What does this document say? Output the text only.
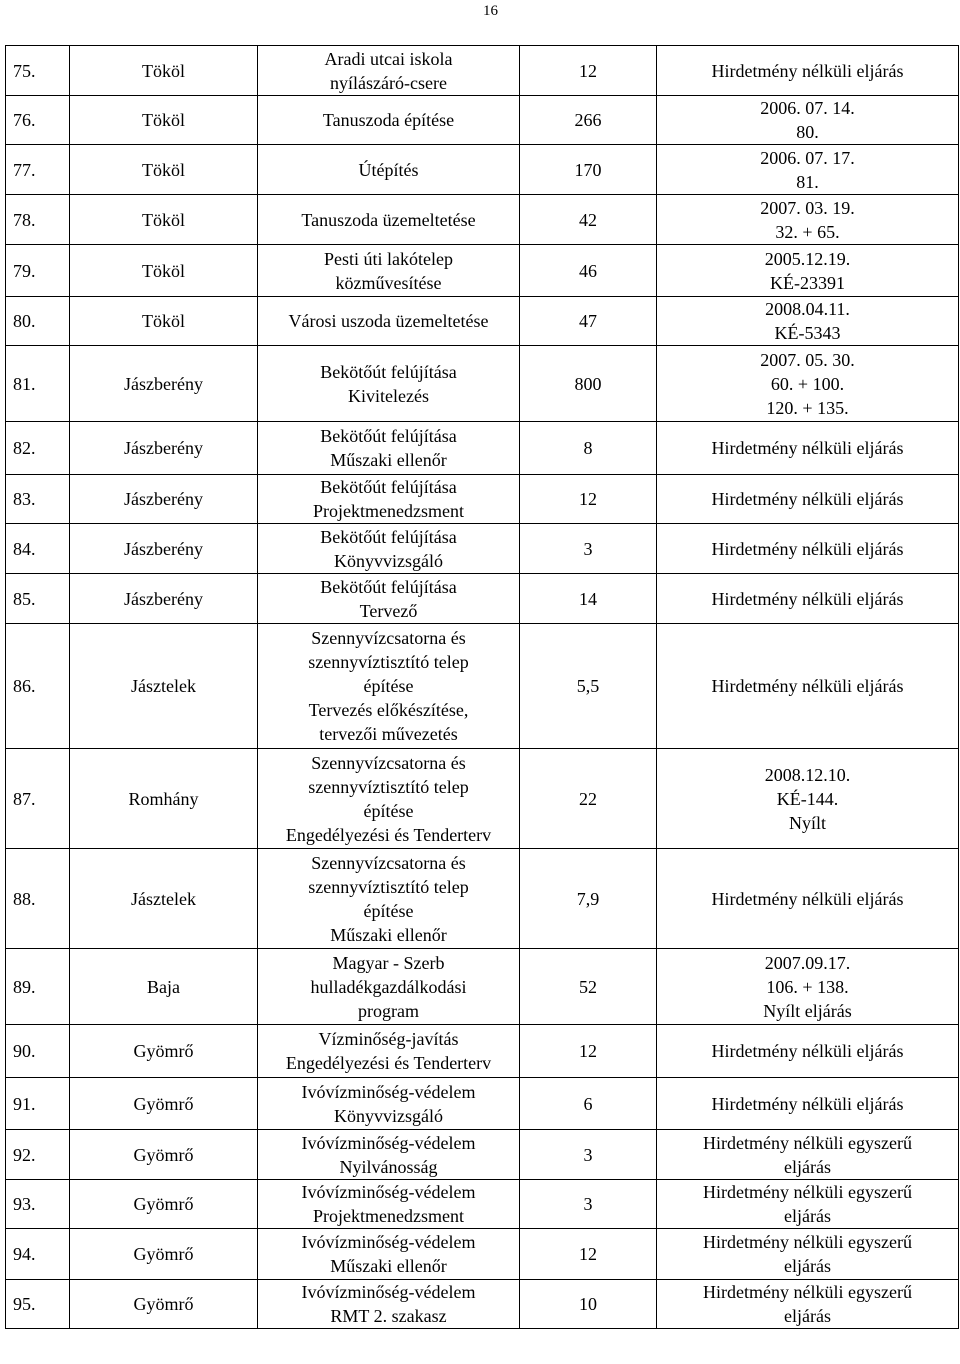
16
75.	Tököl	Aradi utcai iskola
nyílászáró-csere	12	Hirdetmény nélküli eljárás
76.	Tököl	Tanuszoda építése	266	2006. 07. 14.
80.
77.	Tököl	Útépítés	170	2006. 07. 17.
81.
78.	Tököl	Tanuszoda üzemeltetése	42	2007. 03. 19.
32. + 65.
79.	Tököl	Pesti úti lakótelep
közművesítése	46	2005.12.19.
KÉ-23391
80.	Tököl	Városi uszoda üzemeltetése	47	2008.04.11.
KÉ-5343
81.	Jászberény	Bekötőút felújítása
Kivitelezés	800	2007. 05. 30.
60. + 100.
120. + 135.
82.	Jászberény	Bekötőút felújítása
Műszaki ellenőr	8	Hirdetmény nélküli eljárás
83.	Jászberény	Bekötőút felújítása
Projektmenedzsment	12	Hirdetmény nélküli eljárás
84.	Jászberény	Bekötőút felújítása
Könyvvizsgáló	3	Hirdetmény nélküli eljárás
85.	Jászberény	Bekötőút felújítása
Tervező	14	Hirdetmény nélküli eljárás
86.	Jásztelek	Szennyvízcsatorna és
szennyvíztisztító telep
építése
Tervezés előkészítése,
tervezői művezetés	5,5	Hirdetmény nélküli eljárás
87.	Romhány	Szennyvízcsatorna és
szennyvíztisztító telep
építése
Engedélyezési és Tenderterv	22	2008.12.10.
KÉ-144.
Nyílt
88.	Jásztelek	Szennyvízcsatorna és
szennyvíztisztító telep
építése
Műszaki ellenőr	7,9	Hirdetmény nélküli eljárás
89.	Baja	Magyar - Szerb
hulladékgazdálkodási
program	52	2007.09.17.
106. + 138.
Nyílt eljárás
90.	Gyömrő	Vízminőség-javítás
Engedélyezési és Tenderterv	12	Hirdetmény nélküli eljárás
91.	Gyömrő	Ivóvízminőség-védelem
Könyvvizsgáló	6	Hirdetmény nélküli eljárás
92.	Gyömrő	Ivóvízminőség-védelem
Nyilvánosság	3	Hirdetmény nélküli egyszerű
eljárás
93.	Gyömrő	Ivóvízminőség-védelem
Projektmenedzsment	3	Hirdetmény nélküli egyszerű
eljárás
94.	Gyömrő	Ivóvízminőség-védelem
Műszaki ellenőr	12	Hirdetmény nélküli egyszerű
eljárás
95.	Gyömrő	Ivóvízminőség-védelem
RMT 2. szakasz	10	Hirdetmény nélküli egyszerű
eljárás
